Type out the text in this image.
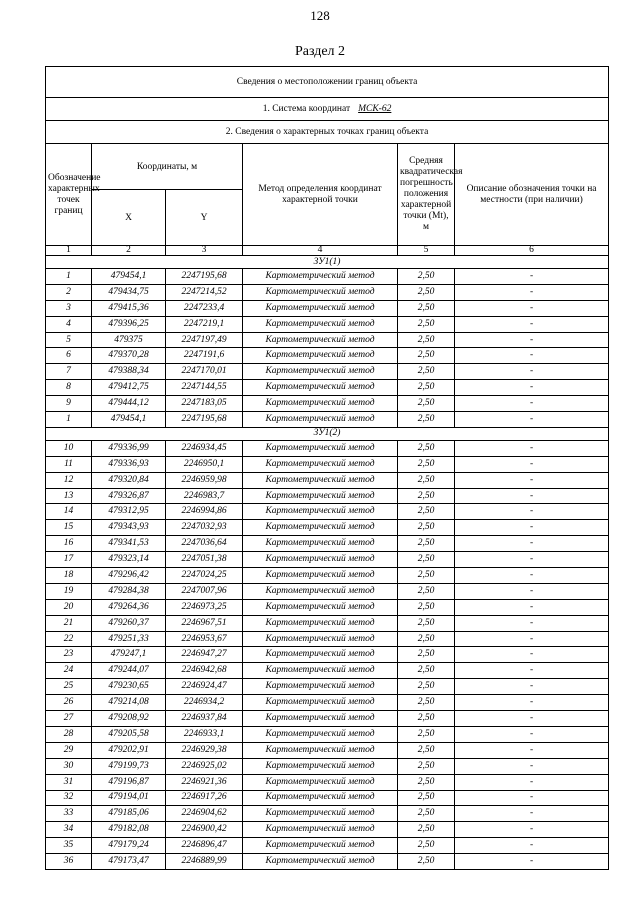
128
Раздел 2
Сведения о местоположении границ объекта					
1. Система координат МСК-62					
2. Сведения о характерных точках границ объекта					
Обозначение характерных точек границ	Координаты, м		Метод определения координат характерной точки	Средняя квадратическая погрешность положения характерной точки (Mt), м	Описание обозначения точки на местности (при наличии)
	X	Y			
1	2	3	4	5	6
ЗУ1(1)					
1	479454,1	2247195,68	Картометрический метод	2,50	-
2	479434,75	2247214,52	Картометрический метод	2,50	-
3	479415,36	2247233,4	Картометрический метод	2,50	-
4	479396,25	2247219,1	Картометрический метод	2,50	-
5	479375	2247197,49	Картометрический метод	2,50	-
6	479370,28	2247191,6	Картометрический метод	2,50	-
7	479388,34	2247170,01	Картометрический метод	2,50	-
8	479412,75	2247144,55	Картометрический метод	2,50	-
9	479444,12	2247183,05	Картометрический метод	2,50	-
1	479454,1	2247195,68	Картометрический метод	2,50	-
ЗУ1(2)					
10	479336,99	2246934,45	Картометрический метод	2,50	-
11	479336,93	2246950,1	Картометрический метод	2,50	-
12	479320,84	2246959,98	Картометрический метод	2,50	-
13	479326,87	2246983,7	Картометрический метод	2,50	-
14	479312,95	2246994,86	Картометрический метод	2,50	-
15	479343,93	2247032,93	Картометрический метод	2,50	-
16	479341,53	2247036,64	Картометрический метод	2,50	-
17	479323,14	2247051,38	Картометрический метод	2,50	-
18	479296,42	2247024,25	Картометрический метод	2,50	-
19	479284,38	2247007,96	Картометрический метод	2,50	-
20	479264,36	2246973,25	Картометрический метод	2,50	-
21	479260,37	2246967,51	Картометрический метод	2,50	-
22	479251,33	2246953,67	Картометрический метод	2,50	-
23	479247,1	2246947,27	Картометрический метод	2,50	-
24	479244,07	2246942,68	Картометрический метод	2,50	-
25	479230,65	2246924,47	Картометрический метод	2,50	-
26	479214,08	2246934,2	Картометрический метод	2,50	-
27	479208,92	2246937,84	Картометрический метод	2,50	-
28	479205,58	2246933,1	Картометрический метод	2,50	-
29	479202,91	2246929,38	Картометрический метод	2,50	-
30	479199,73	2246925,02	Картометрический метод	2,50	-
31	479196,87	2246921,36	Картометрический метод	2,50	-
32	479194,01	2246917,26	Картометрический метод	2,50	-
33	479185,06	2246904,62	Картометрический метод	2,50	-
34	479182,08	2246900,42	Картометрический метод	2,50	-
35	479179,24	2246896,47	Картометрический метод	2,50	-
36	479173,47	2246889,99	Картометрический метод	2,50	-
